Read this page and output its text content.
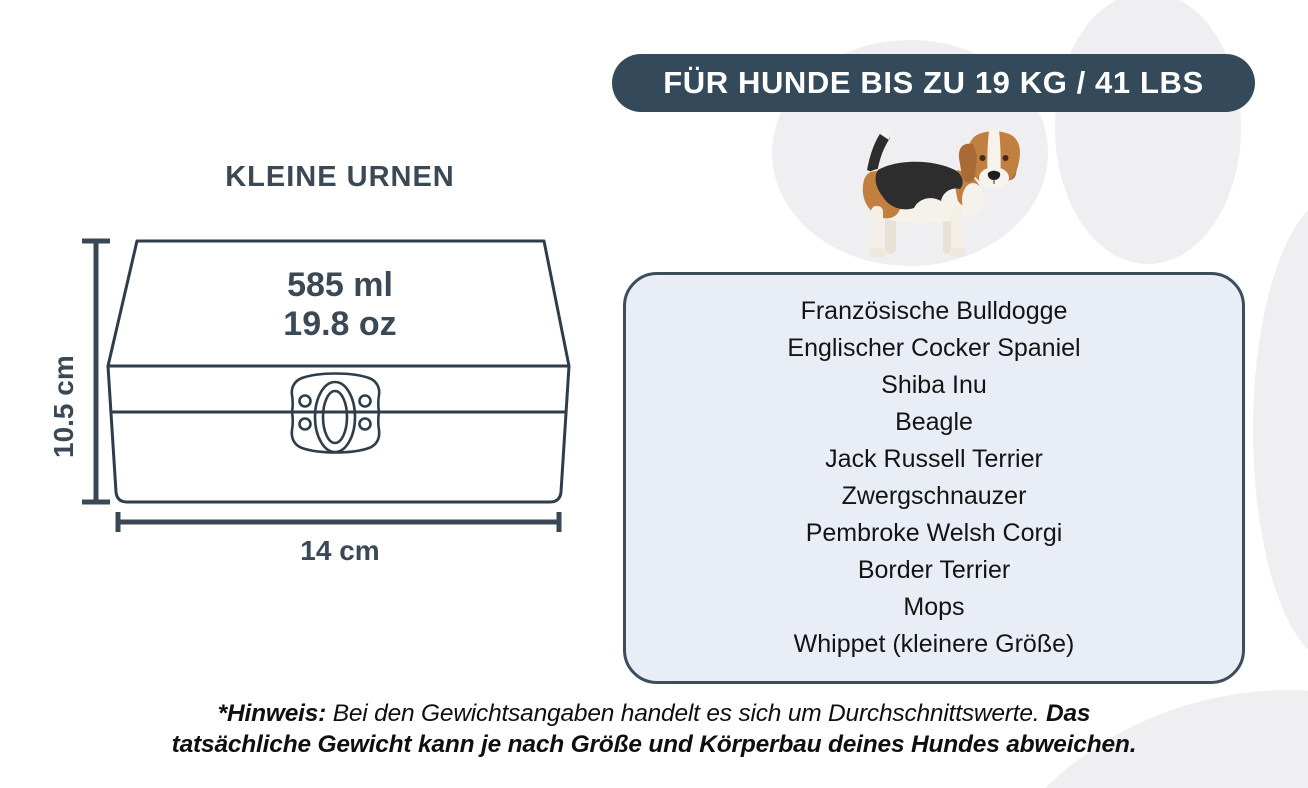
FÜR HUNDE BIS ZU 19 KG / 41 LBS
KLEINE URNEN
585 ml
19.8 oz
10.5 cm
14 cm
Französische Bulldogge
Englischer Cocker Spaniel
Shiba Inu
Beagle
Jack Russell Terrier
Zwergschnauzer
Pembroke Welsh Corgi
Border Terrier
Mops
Whippet (kleinere Größe)
*Hinweis: Bei den Gewichtsangaben handelt es sich um Durchschnittswerte. Das
tatsächliche Gewicht kann je nach Größe und Körperbau deines Hundes abweichen.
